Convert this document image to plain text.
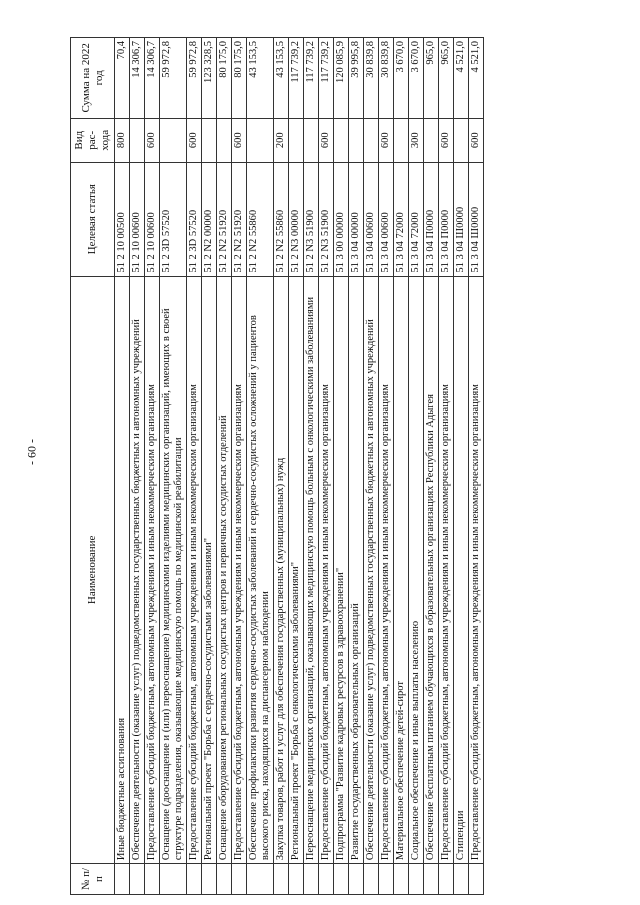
- 60 -
№ п/п	Наименование	Целевая статья	Вид рас- хода	Сумма на 2022 год
	Иные бюджетные ассигнования	51 2 10 00500	800	70,4
	Обеспечение деятельности (оказание услуг) подведомственных государственных бюджетных и автономных учреждений	51 2 10 00600		14 306,7
	Предоставление субсидий бюджетным, автономным учреждениям и иным некоммерческим организациям	51 2 10 00600	600	14 306,7
	Оснащение (дооснащение и (или) переоснащение) медицинскими изделиями медицинских организаций, имеющих в своей структуре подразделения, оказывающие медицинскую помощь по медицинской реабилитации	51 2 3D 57520		59 972,8
	Предоставление субсидий бюджетным, автономным учреждениям и иным некоммерческим организациям	51 2 3D 57520	600	59 972,8
	Региональный проект "Борьба с сердечно-сосудистыми заболеваниями"	51 2 N2 00000		123 328,5
	Оснащение оборудованием региональных сосудистых центров и первичных сосудистых отделений	51 2 N2 51920		80 175,0
	Предоставление субсидий бюджетным, автономным учреждениям и иным некоммерческим организациям	51 2 N2 51920	600	80 175,0
	Обеспечение профилактики развития сердечно-сосудистых заболеваний и сердечно-сосудистых осложнений у пациентов высокого риска, находящихся на диспансерном наблюдении	51 2 N2 55860		43 153,5
	Закупка товаров, работ и услуг для обеспечения государственных (муниципальных) нужд	51 2 N2 55860	200	43 153,5
	Региональный проект "Борьба с онкологическими заболеваниями"	51 2 N3 00000		117 739,2
	Переоснащение медицинских организаций, оказывающих медицинскую помощь больным с онкологическими заболеваниями	51 2 N3 51900		117 739,2
	Предоставление субсидий бюджетным, автономным учреждениям и иным некоммерческим организациям	51 2 N3 51900	600	117 739,2
	Подпрограмма "Развитие кадровых ресурсов в здравоохранении"	51 3 00 00000		120 085,9
	Развитие государственных образовательных организаций	51 3 04 00000		39 995,8
	Обеспечение деятельности (оказание услуг) подведомственных государственных бюджетных и автономных учреждений	51 3 04 00600		30 839,8
	Предоставление субсидий бюджетным, автономным учреждениям и иным некоммерческим организациям	51 3 04 00600	600	30 839,8
	Материальное обеспечение детей-сирот	51 3 04 72000		3 670,0
	Социальное обеспечение и иные выплаты населению	51 3 04 72000	300	3 670,0
	Обеспечение бесплатным питанием обучающихся в образовательных организациях Республики Адыгея	51 3 04 П0000		965,0
	Предоставление субсидий бюджетным, автономным учреждениям и иным некоммерческим организациям	51 3 04 П0000	600	965,0
	Стипендии	51 3 04 Ш0000		4 521,0
	Предоставление субсидий бюджетным, автономным учреждениям и иным некоммерческим организациям	51 3 04 Ш0000	600	4 521,0
